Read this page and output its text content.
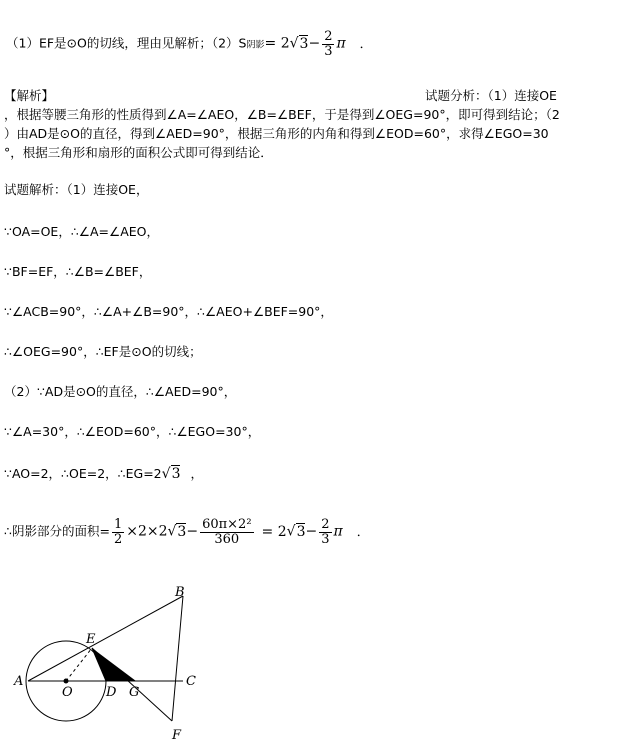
（1）EF是⊙O的切线，理由见解析；（2）S阴影= $2√3- \frac{2}{3}$ π ．
【解析】	试题分析：（1）连接OE
，根据等腰三角形的性质得到∠A=∠AEO，∠B=∠BEF，于是得到∠OEG=90°，即可得到结论；（2
）由AD是⊙O的直径，得到∠AED=90°，根据三角形的内角和得到∠EOD=60°，求得∠EGO=30
°，根据三角形和扇形的面积公式即可得到结论．
试题解析：（1）连接OE，
∵OA=OE，∴∠A=∠AEO，
∵BF=EF，∴∠B=∠BEF，
∵∠ACB=90°，∴∠A+∠B=90°，∴∠AEO+∠BEF=90°，
∴∠OEG=90°，∴EF是⊙O的切线；
（2）∵AD是⊙O的直径，∴∠AED=90°，
∵∠A=30°，∴∠EOD=60°，∴∠EGO=30°，
∵AO=2，∴OE=2，∴EG=2√3 ，
∴阴影部分的面积= $\frac{1}{2} \times 2\times 2√3- \frac{\text{60π×2²}}{360} = 2√3- \frac{2}{3}$ π ．
A
B
C
D
E
F
G
O
